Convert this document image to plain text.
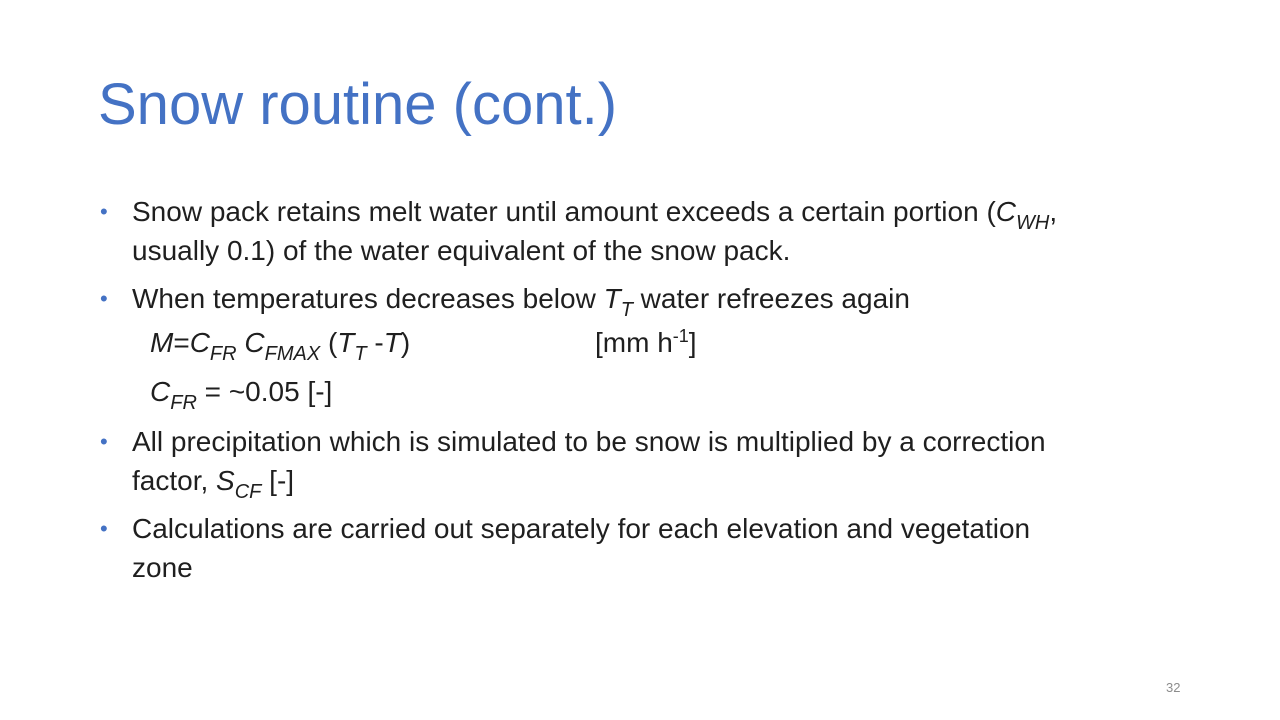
Snow routine (cont.)
• Snow pack retains melt water until amount exceeds a certain portion ($C_{WH}$, usually 0.1) of the water equivalent of the snow pack.
• When temperatures decreases below $T_T$ water refreezes again
$M=C_{FR}$ $C_{FMAX}$ ($T_T$ -T)	[mm $h^{-1}$]
$C_{FR}$ = ~0.05 [-]
• All precipitation which is simulated to be snow is multiplied by a correction factor, $S_{CF}$ [-]
• Calculations are carried out separately for each elevation and vegetation zone
32
